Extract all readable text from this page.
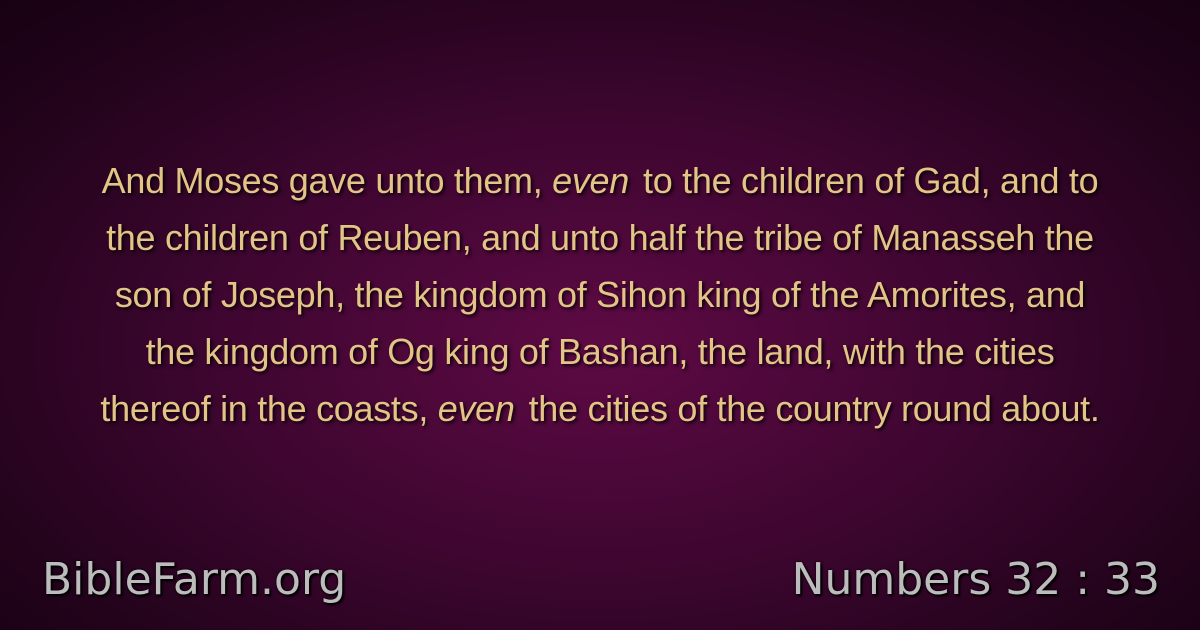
And Moses gave unto them, even to the children of Gad, and to
the children of Reuben, and unto half the tribe of Manasseh the
son of Joseph, the kingdom of Sihon king of the Amorites, and
the kingdom of Og king of Bashan, the land, with the cities
thereof in the coasts, even the cities of the country round about.
BibleFarm.org	Numbers 32 : 33
